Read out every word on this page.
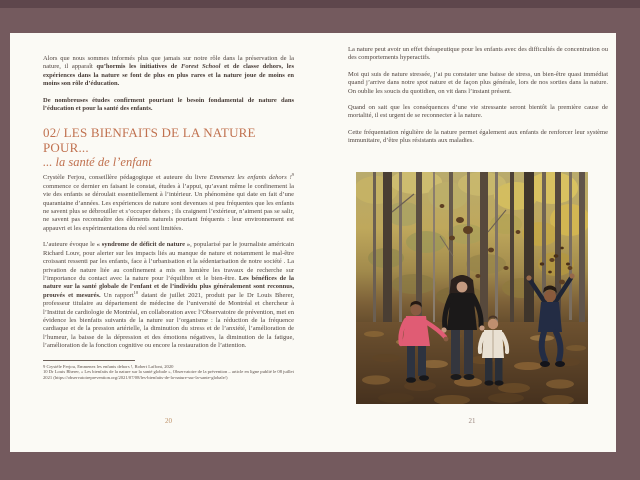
Alors que nous sommes informés plus que jamais sur notre rôle dans la préservation de la nature, il apparaît qu’hormis les initiatives de Forest School et de classe dehors, les expériences dans la nature se font de plus en plus rares et la nature joue de moins en moins son rôle d’éducation.

De nombreuses études confirment pourtant le besoin fondamental de nature dans l’éducation et pour la santé des enfants.

02/ LES BIENFAITS DE LA NATURE POUR...
... la santé de l’enfant

Crystèle Ferjou, conseillère pédagogique et auteure du livre Emmenez les enfants dehors !$^9$ commence ce dernier en faisant le constat, études à l’appui, qu’avant même le confinement la vie des enfants se déroulait essentiellement à l’intérieur. Un phénomène qui date en fait d’une quarantaine d’années. Les expériences de nature sont devenues si peu fréquentes que les enfants ne savent plus se débrouiller et s’occuper dehors ; ils craignent l’extérieur, n’aiment pas se salir, ne savent pas reconnaître des éléments naturels pourtant fréquents : leur environnement est appauvri et les expérimentations du réel sont limitées.

L’auteure évoque le « syndrome de déficit de nature », popularisé par le journaliste américain Richard Louv, pour alerter sur les impacts liés au manque de nature et notamment le mal-être croissant ressenti par les enfants, face à l’urbanisation et la sédentarisation de notre société . La privation de nature liée au confinement a mis en lumière les travaux de recherche sur l’importance du contact avec la nature pour l’équilibre et le bien-être. Les bénéfices de la nature sur la santé globale de l’enfant et de l’individu plus généralement sont reconnus, prouvés et mesurés. Un rapport$^{10}$ datant de juillet 2021, produit par le Dr Louis Bherer, professeur titulaire au département de médecine de l’université de Montréal et chercheur à l’Institut de cardiologie de Montréal, en collaboration avec l’Observatoire de prévention, met en évidence les bienfaits suivants de la nature sur l’organisme : la réduction de la fréquence cardiaque et de la pression artérielle, la diminution du stress et de l’anxiété, l’amélioration de l’humeur, la baisse de la dépression et des émotions négatives, la diminution de la fatigue, l’amélioration de la fonction cognitive ou encore la restauration de l’attention.

9 Crystèle Ferjou, Emmenez les enfants dehors !, Robert Laffont, 2020

10 Dr Louis Bherer, « Les bienfaits de la nature sur la santé globale », Observatoire de la prévention – article en ligne publié le 08 juillet 2021 (https://observatoireprevention.org/2021/07/08/les-bienfaits-de-la-nature-sur-la-sante-globale/)

20

La nature peut avoir un effet thérapeutique pour les enfants avec des difficultés de concentration ou des comportements hyperactifs.

Moi qui suis de nature stressée, j’ai pu constater une baisse de stress, un bien-être quasi immédiat quand j’arrive dans notre spot nature et de façon plus générale, lors de nos sorties dans la nature. On oublie les soucis du quotidien, on vit dans l’instant présent.

Quand on sait que les conséquences d’une vie stressante seront bientôt la première cause de mortalité, il est urgent de se reconnecter à la nature.

Cette fréquentation régulière de la nature permet également aux enfants de renforcer leur système immunitaire, d’être plus résistants aux maladies.

21
